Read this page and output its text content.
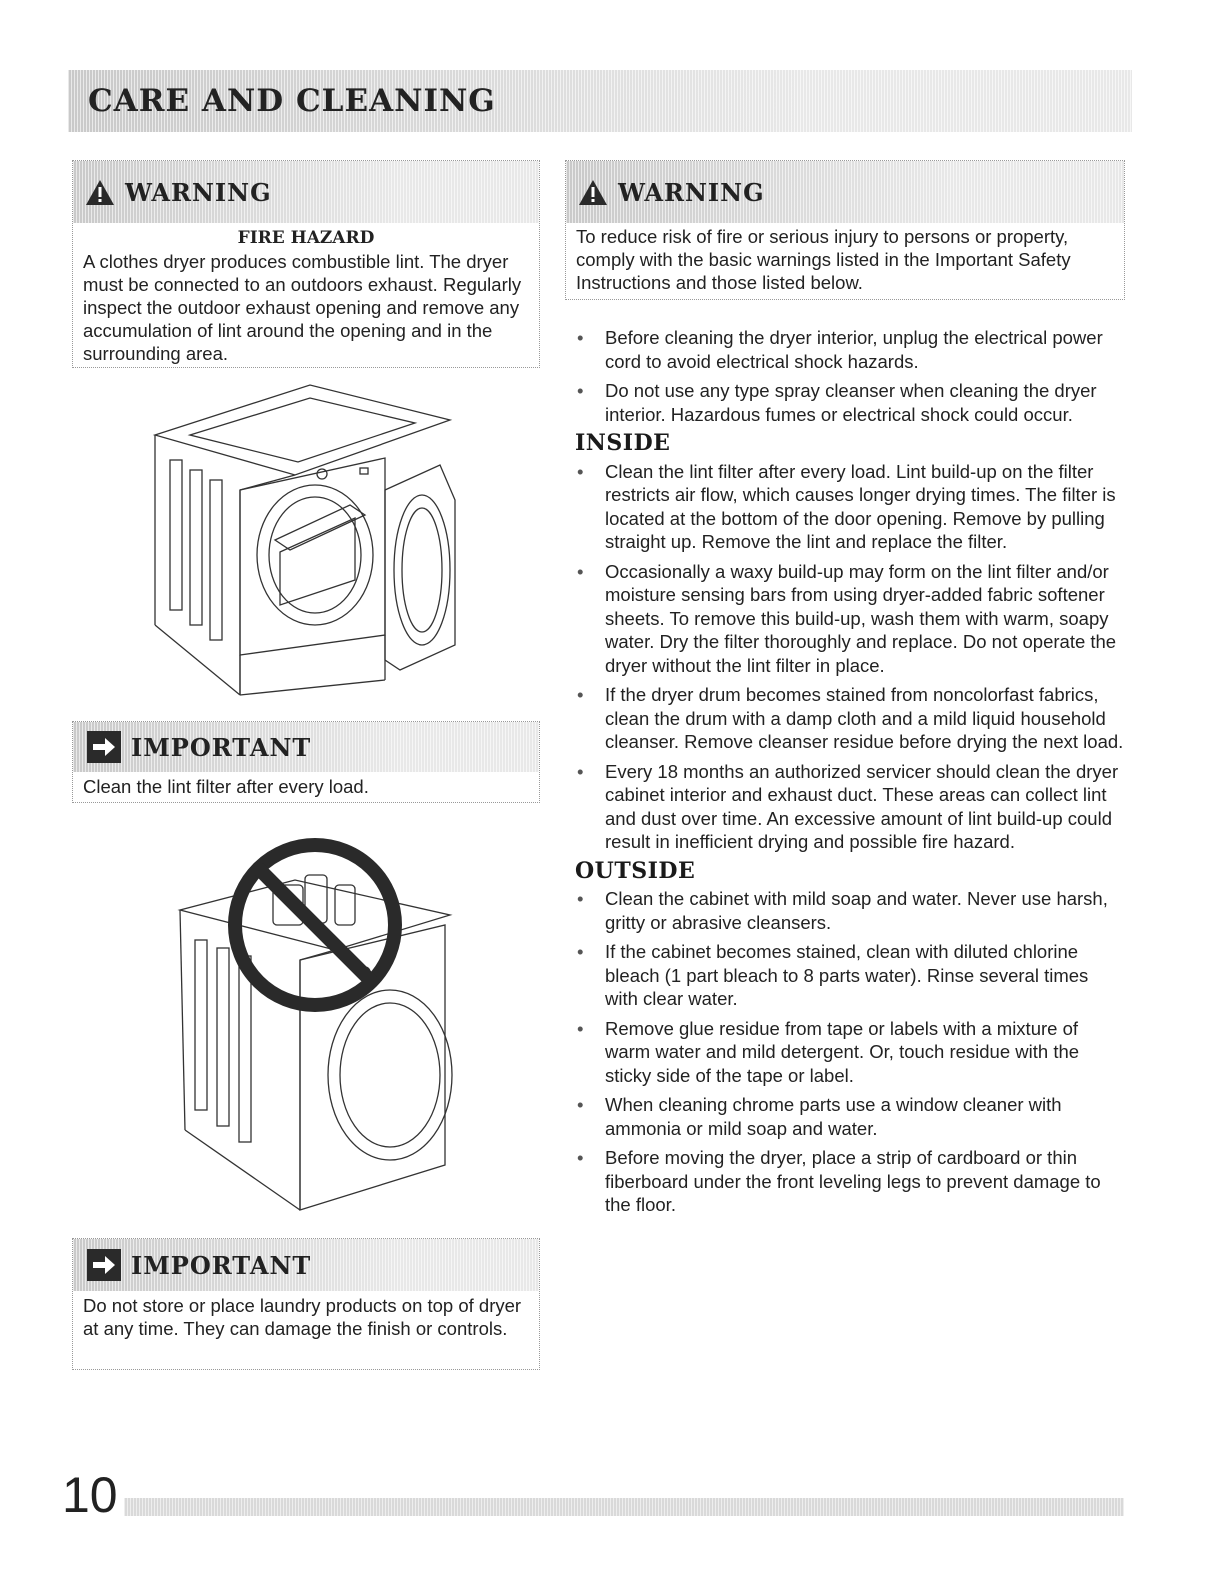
CARE AND CLEANING
WARNING
FIRE HAZARD
A clothes dryer produces combustible lint. The dryer must be connected to an outdoors exhaust. Regularly inspect the outdoor exhaust opening and remove any accumulation of lint around the opening and in the surrounding area.
IMPORTANT
Clean the lint filter after every load.
IMPORTANT
Do not store or place laundry products on top of dryer at any time. They can damage the finish or controls.
WARNING
To reduce risk of fire or serious injury to persons or property, comply with the basic warnings listed in the Important Safety Instructions and those listed below.
• Before cleaning the dryer interior, unplug the electrical power cord to avoid electrical shock hazards.
• Do not use any type spray cleanser when cleaning the dryer interior. Hazardous fumes or electrical shock could occur.
INSIDE
• Clean the lint filter after every load. Lint build-up on the filter restricts air flow, which causes longer drying times. The filter is located at the bottom of the door opening. Remove by pulling straight up. Remove the lint and replace the filter.
• Occasionally a waxy build-up may form on the lint filter and/or moisture sensing bars from using dryer-added fabric softener sheets. To remove this build-up, wash them with warm, soapy water. Dry the filter thoroughly and replace. Do not operate the dryer without the lint filter in place.
• If the dryer drum becomes stained from noncolorfast fabrics, clean the drum with a damp cloth and a mild liquid household cleanser. Remove cleanser residue before drying the next load.
• Every 18 months an authorized servicer should clean the dryer cabinet interior and exhaust duct. These areas can collect lint and dust over time. An excessive amount of lint build-up could result in inefficient drying and possible fire hazard.
OUTSIDE
• Clean the cabinet with mild soap and water. Never use harsh, gritty or abrasive cleansers.
• If the cabinet becomes stained, clean with diluted chlorine bleach (1 part bleach to 8 parts water). Rinse several times with clear water.
• Remove glue residue from tape or labels with a mixture of warm water and mild detergent. Or, touch residue with the sticky side of the tape or label.
• When cleaning chrome parts use a window cleaner with ammonia or mild soap and water.
• Before moving the dryer, place a strip of cardboard or thin fiberboard under the front leveling legs to prevent damage to the floor.
10
